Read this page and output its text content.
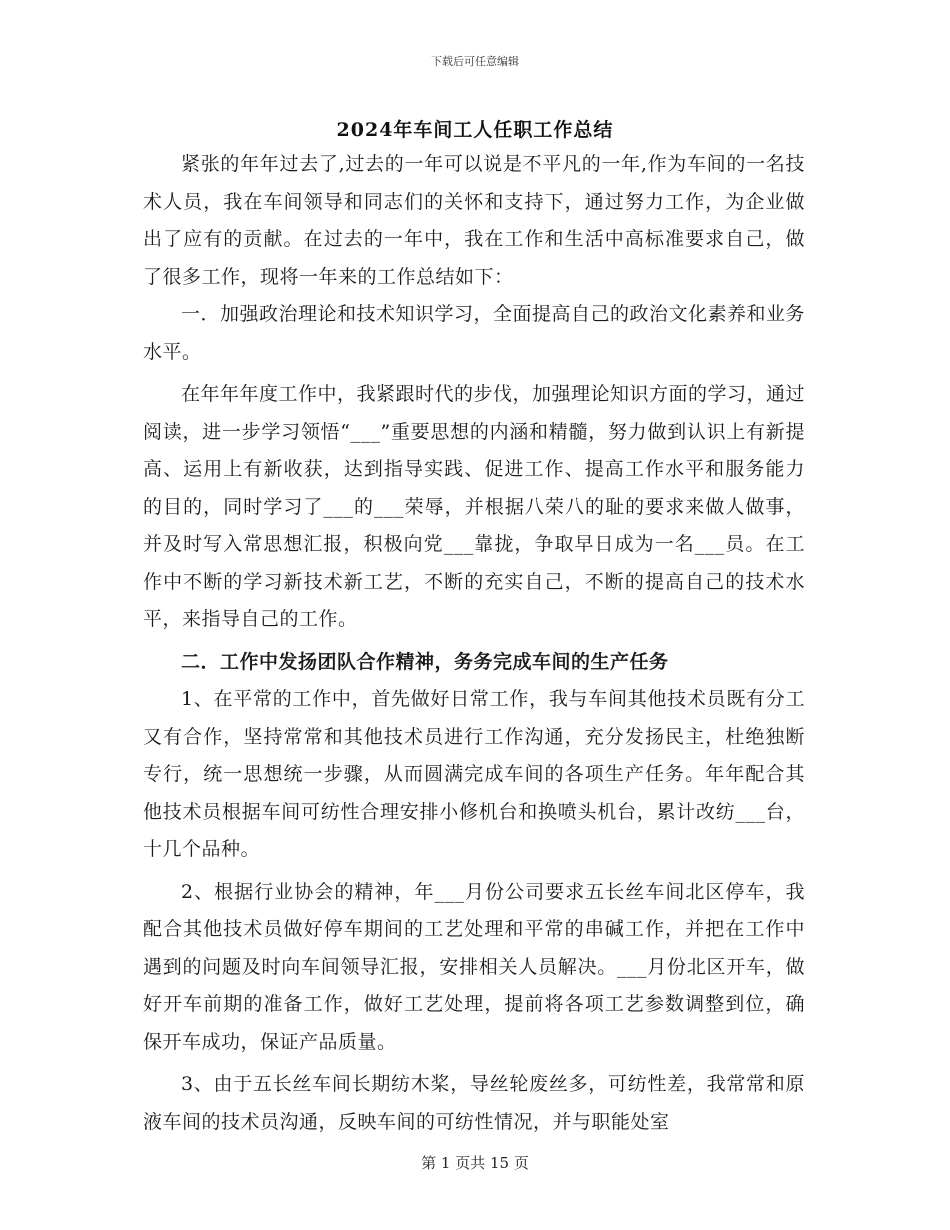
下载后可任意编辑
2024年车间工人任职工作总结

紧张的年年过去了,过去的一年可以说是不平凡的一年,作为车间的一名技术人员，我在车间领导和同志们的关怀和支持下，通过努力工作，为企业做出了应有的贡献。在过去的一年中，我在工作和生活中高标准要求自己，做了很多工作，现将一年来的工作总结如下：

一．加强政治理论和技术知识学习，全面提高自己的政治文化素养和业务水平。

在年年年度工作中，我紧跟时代的步伐，加强理论知识方面的学习，通过阅读，进一步学习领悟“___”重要思想的内涵和精髓，努力做到认识上有新提高、运用上有新收获，达到指导实践、促进工作、提高工作水平和服务能力的目的，同时学习了___的___荣辱，并根据八荣八的耻的要求来做人做事，并及时写入常思想汇报，积极向党___靠拢，争取早日成为一名___员。在工作中不断的学习新技术新工艺，不断的充实自己，不断的提高自己的技术水平，来指导自己的工作。

二．工作中发扬团队合作精神，务务完成车间的生产任务

1、在平常的工作中，首先做好日常工作，我与车间其他技术员既有分工又有合作，坚持常常和其他技术员进行工作沟通，充分发扬民主，杜绝独断专行，统一思想统一步骤，从而圆满完成车间的各项生产任务。年年配合其他技术员根据车间可纺性合理安排小修机台和换喷头机台，累计改纺___台，十几个品种。

2、根据行业协会的精神，年___月份公司要求五长丝车间北区停车，我配合其他技术员做好停车期间的工艺处理和平常的串碱工作，并把在工作中遇到的问题及时向车间领导汇报，安排相关人员解决。___月份北区开车，做好开车前期的准备工作，做好工艺处理，提前将各项工艺参数调整到位，确保开车成功，保证产品质量。

3、由于五长丝车间长期纺木桨，导丝轮废丝多，可纺性差，我常常和原液车间的技术员沟通，反映车间的可纺性情况，并与职能处室

第 1 页共 15 页
